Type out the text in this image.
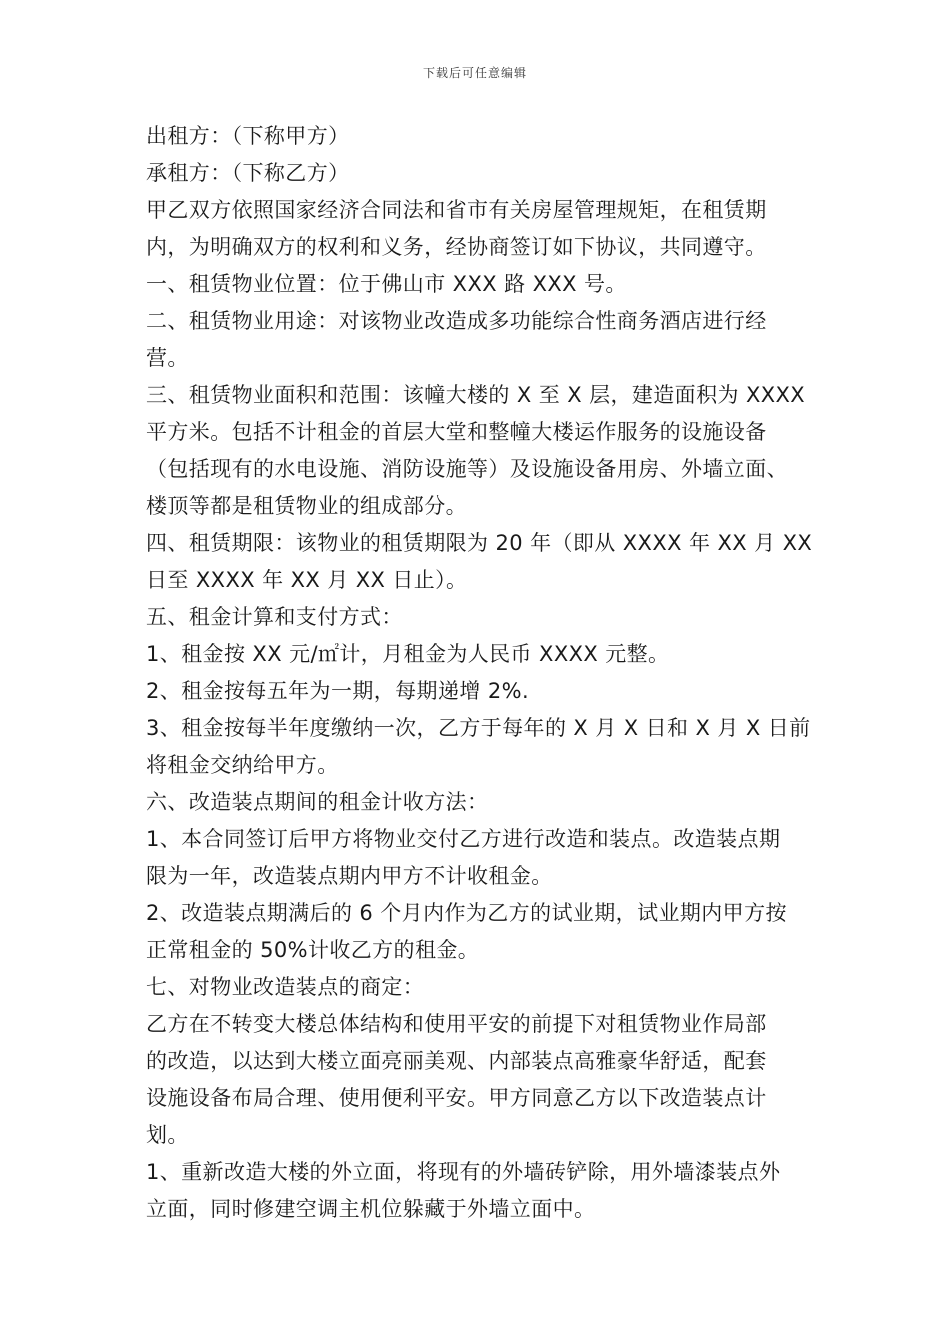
下载后可任意编辑
出租方：（下称甲方）
承租方：（下称乙方）
甲乙双方依照国家经济合同法和省市有关房屋管理规矩，在租赁期
内，为明确双方的权利和义务，经协商签订如下协议，共同遵守。
一、租赁物业位置：位于佛山市 XXX 路 XXX 号。
二、租赁物业用途：对该物业改造成多功能综合性商务酒店进行经
营。
三、租赁物业面积和范围：该幢大楼的 X 至 X 层，建造面积为 XXXX
平方米。包括不计租金的首层大堂和整幢大楼运作服务的设施设备
（包括现有的水电设施、消防设施等）及设施设备用房、外墙立面、
楼顶等都是租赁物业的组成部分。
四、租赁期限：该物业的租赁期限为 20 年（即从 XXXX 年 XX 月 XX
日至 XXXX 年 XX 月 XX 日止）。
五、租金计算和支付方式：
1、租金按 XX 元/㎡计，月租金为人民币 XXXX 元整。
2、租金按每五年为一期，每期递增 2%.
3、租金按每半年度缴纳一次，乙方于每年的 X 月 X 日和 X 月 X 日前
将租金交纳给甲方。
六、改造装点期间的租金计收方法：
1、本合同签订后甲方将物业交付乙方进行改造和装点。改造装点期
限为一年，改造装点期内甲方不计收租金。
2、改造装点期满后的 6 个月内作为乙方的试业期，试业期内甲方按
正常租金的 50%计收乙方的租金。
七、对物业改造装点的商定：
乙方在不转变大楼总体结构和使用平安的前提下对租赁物业作局部
的改造，以达到大楼立面亮丽美观、内部装点高雅豪华舒适，配套
设施设备布局合理、使用便利平安。甲方同意乙方以下改造装点计
划。
1、重新改造大楼的外立面，将现有的外墙砖铲除，用外墙漆装点外
立面，同时修建空调主机位躲藏于外墙立面中。
